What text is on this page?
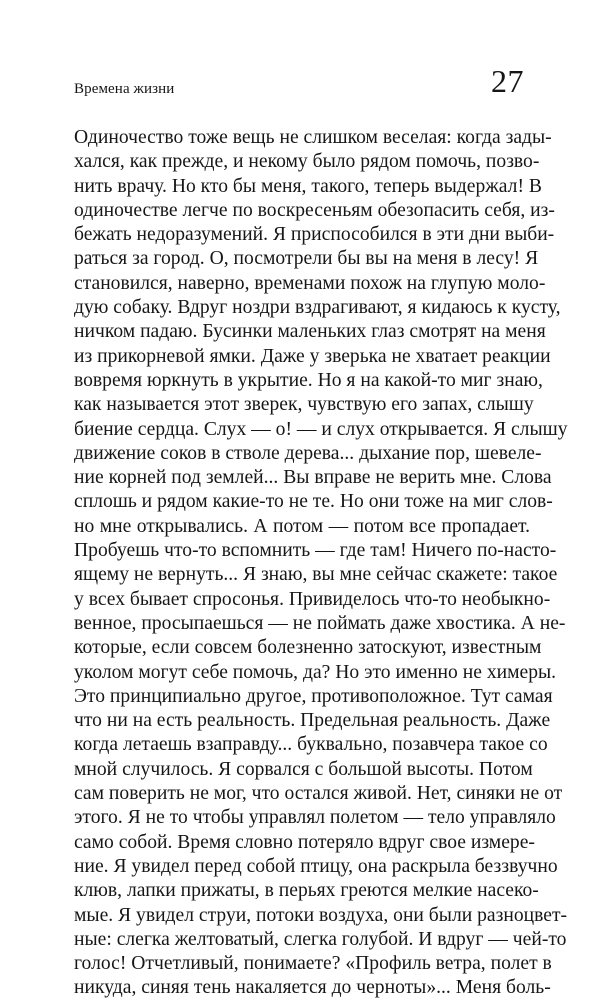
Времена жизни	27
Одиночество тоже вещь не слишком веселая: когда зады-
хался, как прежде, и некому было рядом помочь, позво-
нить врачу. Но кто бы меня, такого, теперь выдержал! В
одиночестве легче по воскресеньям обезопасить себя, из-
бежать недоразумений. Я приспособился в эти дни выби-
раться за город. О, посмотрели бы вы на меня в лесу! Я
становился, наверно, временами похож на глупую моло-
дую собаку. Вдруг ноздри вздрагивают, я кидаюсь к кусту,
ничком падаю. Бусинки маленьких глаз смотрят на меня
из прикорневой ямки. Даже у зверька не хватает реакции
вовремя юркнуть в укрытие. Но я на какой-то миг знаю,
как называется этот зверек, чувствую его запах, слышу
биение сердца. Слух — о! — и слух открывается. Я слышу
движение соков в стволе дерева... дыхание пор, шевеле-
ние корней под землей... Вы вправе не верить мне. Слова
сплошь и рядом какие-то не те. Но они тоже на миг слов-
но мне открывались. А потом — потом все пропадает.
Пробуешь что-то вспомнить — где там! Ничего по-насто-
ящему не вернуть... Я знаю, вы мне сейчас скажете: такое
у всех бывает спросонья. Привиделось что-то необыкно-
венное, просыпаешься — не поймать даже хвостика. А не-
которые, если совсем болезненно затоскуют, известным
уколом могут себе помочь, да? Но это именно не химеры.
Это принципиально другое, противоположное. Тут самая
что ни на есть реальность. Предельная реальность. Даже
когда летаешь взаправду... буквально, позавчера такое со
мной случилось. Я сорвался с большой высоты. Потом
сам поверить не мог, что остался живой. Нет, синяки не от
этого. Я не то чтобы управлял полетом — тело управляло
само собой. Время словно потеряло вдруг свое измере-
ние. Я увидел перед собой птицу, она раскрыла беззвучно
клюв, лапки прижаты, в перьях греются мелкие насеко-
мые. Я увидел струи, потоки воздуха, они были разноцвет-
ные: слегка желтоватый, слегка голубой. И вдруг — чей-то
голос! Отчетливый, понимаете? «Профиль ветра, полет в
никуда, синяя тень накаляется до черноты»... Меня боль-
